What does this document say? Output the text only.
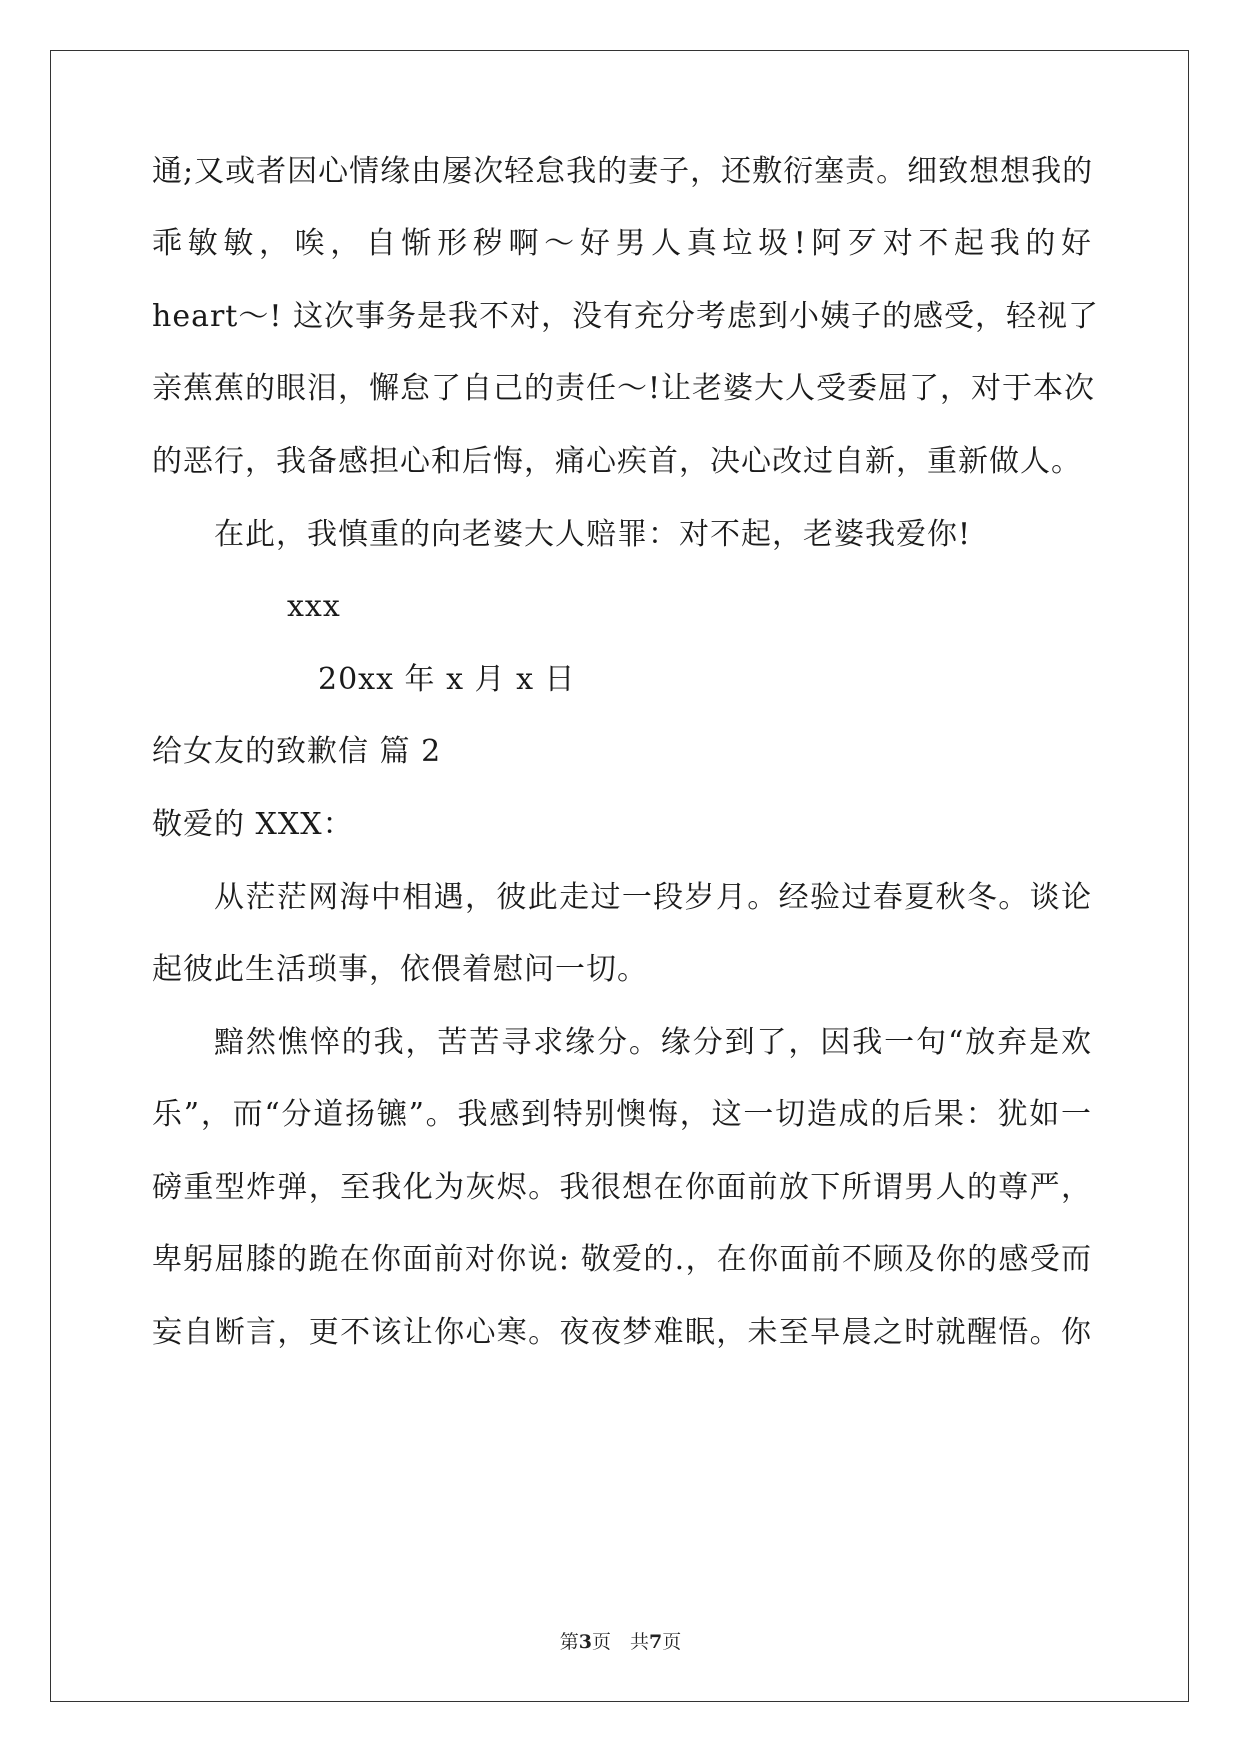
通;又或者因心情缘由屡次轻怠我的妻子，还敷衍塞责。细致想想我的
乖敏敏，唉，自惭形秽啊～好男人真垃圾!阿歹对不起我的好
heart～! 这次事务是我不对，没有充分考虑到小姨子的感受，轻视了
亲蕉蕉的眼泪，懈怠了自己的责任～!让老婆大人受委屈了，对于本次
的恶行，我备感担心和后悔，痛心疾首，决心改过自新，重新做人。
在此，我慎重的向老婆大人赔罪：对不起，老婆我爱你!
xxx
20xx 年 x 月 x 日
给女友的致歉信 篇 2
敬爱的 XXX：
从茫茫网海中相遇，彼此走过一段岁月。经验过春夏秋冬。谈论
起彼此生活琐事，依偎着慰问一切。
黯然憔悴的我，苦苦寻求缘分。缘分到了，因我一句“放弃是欢
乐”，而“分道扬镳”。我感到特别懊悔，这一切造成的后果：犹如一
磅重型炸弹，至我化为灰烬。我很想在你面前放下所谓男人的尊严，
卑躬屈膝的跪在你面前对你说: 敬爱的.，在你面前不顾及你的感受而
妄自断言，更不该让你心寒。夜夜梦难眠，未至早晨之时就醒悟。你
第3页　共7页
